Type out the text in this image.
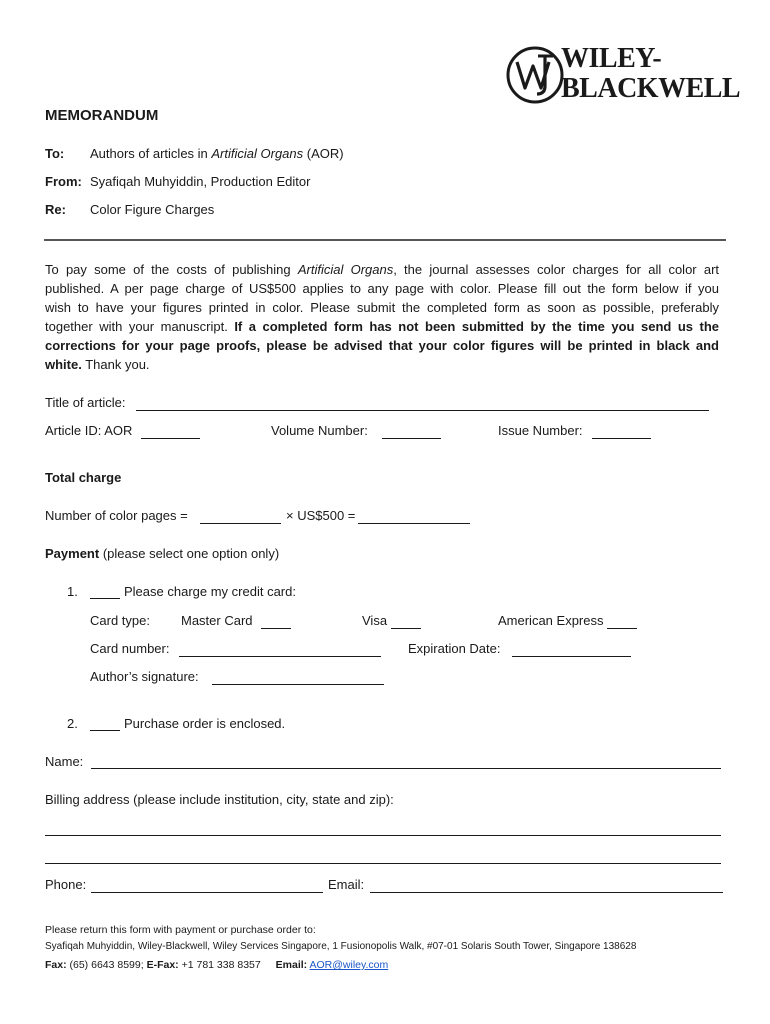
WILEY-
BLACKWELL
MEMORANDUM
To: Authors of articles in Artificial Organs (AOR)
From: Syafiqah Muhyiddin, Production Editor
Re: Color Figure Charges
To pay some of the costs of publishing Artificial Organs, the journal assesses color charges for all color art
published. A per page charge of US$500 applies to any page with color. Please fill out the form below if you
wish to have your figures printed in color. Please submit the completed form as soon as possible, preferably
together with your manuscript. If a completed form has not been submitted by the time you send us the
corrections for your page proofs, please be advised that your color figures will be printed in black and
white. Thank you.
Title of article:
Article ID: AOR	Volume Number:	Issue Number:
Total charge
Number of color pages =	× US$500 =
Payment (please select one option only)
1.	Please charge my credit card:
Card type: Master Card	Visa	American Express
Card number:	Expiration Date:
Author’s signature:
2.	Purchase order is enclosed.
Name:
Billing address (please include institution, city, state and zip):
Phone:	Email:
Please return this form with payment or purchase order to:
Syafiqah Muhyiddin, Wiley-Blackwell, Wiley Services Singapore, 1 Fusionopolis Walk, #07-01 Solaris South Tower, Singapore 138628
Fax: (65) 6643 8599; E-Fax: +1 781 338 8357 Email: AOR@wiley.com
